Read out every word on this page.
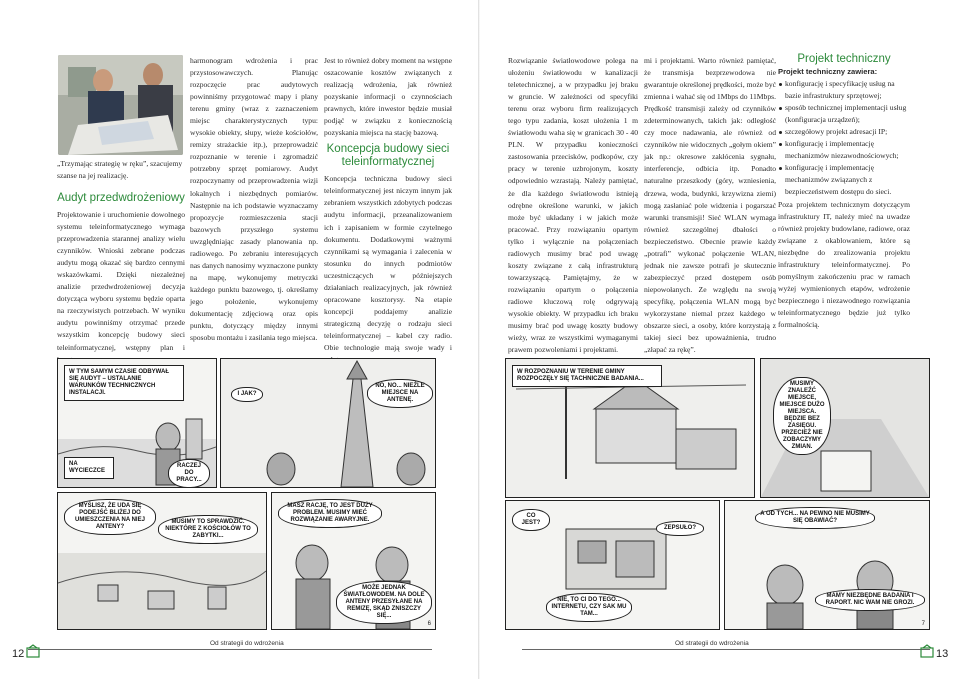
„Trzymając strategię w ręku”, szacujemy szanse na jej realizację.
Audyt przedwdrożeniowy

Projektowanie i uruchomienie dowolnego systemu teleinformatycznego wymaga przeprowadzenia starannej analizy wielu czynników. Wnioski zebrane podczas audytu mogą okazać się bardzo cennymi wskazówkami. Dzięki niezależnej analizie przedwdrożeniowej decyzja dotycząca wyboru systemu będzie oparta na rzeczywistych potrzebach. W wyniku audytu powinniśmy otrzymać przede wszystkim koncepcję budowy sieci teleinformatycznej, wstępny plan i

harmonogram wdrożenia i prac przystosowawczych. Planując rozpoczęcie prac audytowych powinniśmy przygotować mapy i plany terenu gminy (wraz z zaznaczeniem miejsc charakterystycznych typu: wysokie obiekty, słupy, wieże kościołów, remizy strażackie itp.), przeprowadzić rozpoznanie w terenie i zgromadzić potrzebny sprzęt pomiarowy. Audyt rozpoczynamy od przeprowadzenia wizji lokalnych i niezbędnych pomiarów. Następnie na ich podstawie wyznaczamy propozycje rozmieszczenia stacji bazowych przyszłego systemu uwzględniając zasady planowania np. radiowego. Po zebraniu interesujących nas danych nanosimy wyznaczone punkty na mapę, wykonujemy metryczki każdego punktu bazowego, tj. określamy jego położenie, wykonujemy dokumentację zdjęciową oraz opis punktu, dotyczący między innymi sposobu montażu i zasilania tego miejsca.

Jest to również dobry moment na wstępne oszacowanie kosztów związanych z realizacją wdrożenia, jak również pozyskanie informacji o czynnościach prawnych, które inwestor będzie musiał podjąć w związku z koniecznością pozyskania miejsca na stację bazową.

Koncepcja budowy sieci teleinformatycznej

Koncepcja techniczna budowy sieci teleinformatycznej jest niczym innym jak zebraniem wszystkich zdobytych podczas audytu informacji, przeanalizowaniem ich i zapisaniem w formie czytelnego dokumentu. Dodatkowymi ważnymi czynnikami są wymagania i zalecenia w stosunku do innych podmiotów uczestniczących w późniejszych działaniach realizacyjnych, jak również opracowane kosztorysy. Na etapie koncepcji poddajemy analizie strategiczną decyzję o rodzaju sieci teleinformatycznej – kabel czy radio. Obie technologie mają swoje wady i

W TYM SAMYM CZASIE ODBYWAŁ SIĘ AUDYT – USTALANIE WARUNKÓW TECHNICZNYCH INSTALACJI.
NA WYCIECZCE
RACZEJ DO PRACY...
I JAK?
NO, NO... NIEŹLE MIEJSCE NA ANTENĘ.
MYŚLISZ, ŻE UDA SIĘ PODEJŚĆ BLIŻEJ DO UMIESZCZENIA NA NIEJ ANTENY?
MUSIMY TO SPRAWDZIĆ. NIEKTÓRE Z KOŚCIOŁÓW TO ZABYTKI...
MASZ RACJĘ, TO JEST DUŻY PROBLEM. MUSIMY MIEĆ ROZWIĄZANIE AWARYJNE.
MOŻE JEDNAK ŚWIATŁOWODEM. NA DOLE ANTENY PRZESYŁANE NA REMIZĘ, SKĄD ZNISZCZY SIĘ...
6
Od strategii do wdrożenia
12

Rozwiązanie światłowodowe polega na ułożeniu światłowodu w kanalizacji teletechnicznej, a w przypadku jej braku w gruncie. W zależności od specyfiki terenu oraz wyboru firm realizujących tego typu zadania, koszt ułożenia 1 m światłowodu waha się w granicach 30 - 40 PLN. W przypadku konieczności zastosowania przecisków, podkopów, czy pracy w terenie uzbrojonym, koszty odpowiednio wzrastają. Należy pamiętać, że dla każdego światłowodu istnieją odrębne określone warunki, w jakich może być układany i w jakich może pracować. Przy rozwiązaniu opartym tylko i wyłącznie na połączeniach radiowych musimy brać pod uwagę koszty związane z całą infrastrukturą towarzyszącą. Pamiętajmy, że w rozwiązaniu opartym o połączenia radiowe kluczową rolę odgrywają wysokie obiekty. W przypadku ich braku musimy brać pod uwagę koszty budowy wieży, wraz ze wszystkimi wymaganymi prawem pozwoleniami i projektami.

mi i projektami. Warto również pamiętać, że transmisja bezprzewodowa nie gwarantuje określonej prędkości, może być zmienna i wahać się od 1Mbps do 11Mbps. Prędkość transmisji zależy od czynników zdeterminowanych, takich jak: odległość czy moce nadawania, ale również od czynników nie widocznych „gołym okiem” jak np.: okresowe zakłócenia sygnału, interferencje, odbicia itp. Ponadto naturalne przeszkody (góry, wzniesienia, drzewa, woda, budynki, krzywizna ziemi) mogą zasłaniać pole widzenia i pogarszać warunki transmisji! Sieć WLAN wymaga również szczególnej dbałości o bezpieczeństwo. Obecnie prawie każdy „potrafi” wykonać połączenie WLAN, jednak nie zawsze potrafi je skutecznie zabezpieczyć przed dostępem osób niepowołanych. Ze względu na swoją specyfikę, połączenia WLAN mogą być wykorzystane niemal przez każdego w obszarze sieci, a osoby, które korzystają z takiej sieci bez upoważnienia, trudno „złapać za rękę”.

W ROZPOZNANIU W TERENIE GMINY ROZPOCZĘŁY SIĘ TACHNICZNE BADANIA...
MUSIMY ZNALEŹĆ MIEJSCE, MIEJSCE DUŻO MIEJSCA. BĘDZIE BEZ ZASIĘGU. PRZECIEŻ NIE ZOBACZYMY ZMIAN.
CO JEST?
ZEPSUŁO?
NIE, TO CI DO TEGO... INTERNETU, CZY SAK MU TAM...
A OD TYCH... NA PEWNO NIE MUSIMY SIĘ OBAWIAĆ?
MAMY NIEZBĘDNE BADANIA I RAPORT. NIC WAM NIE GROZI.
7
Od strategii do wdrożenia
13
Projekt techniczny
Projekt techniczny zawiera:
konfigurację i specyfikację usług na bazie infrastruktury sprzętowej;
sposób technicznej implementacji usług (konfiguracja urządzeń);
szczegółowy projekt adresacji IP;
konfigurację i implementację mechanizmów niezawodnościowych;
konfigurację i implementację mechanizmów związanych z bezpieczeństwem dostępu do sieci.

Poza projektem technicznym dotyczącym infrastruktury IT, należy mieć na uwadze również projekty budowlane, radiowe, oraz związane z okablowaniem, które są niezbędne do zrealizowania projektu infrastruktury teleinformatycznej. Po pomyślnym zakończeniu prac w ramach wyżej wymienionych etapów, wdrożenie bezpiecznego i niezawodnego rozwiązania teleinformatycznego będzie już tylko formalnością.
